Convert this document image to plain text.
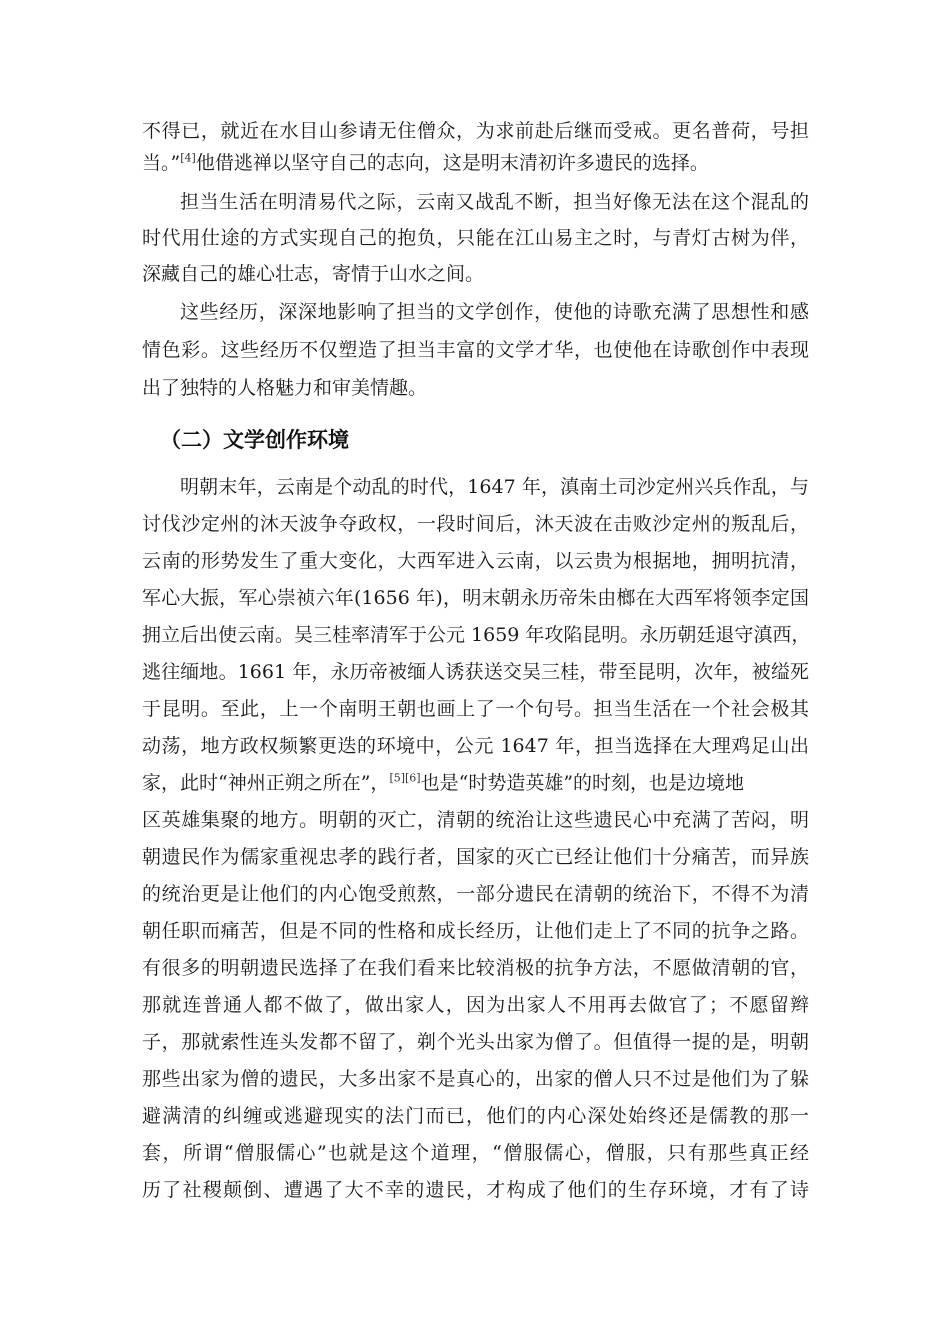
不得已，就近在水目山参请无住僧众，为求前赴后继而受戒。更名普荷，号担
当。”[4]他借逃禅以坚守自己的志向，这是明末清初许多遗民的选择。
担当生活在明清易代之际，云南又战乱不断，担当好像无法在这个混乱的
时代用仕途的方式实现自己的抱负，只能在江山易主之时，与青灯古树为伴，
深藏自己的雄心壮志，寄情于山水之间。
这些经历，深深地影响了担当的文学创作，使他的诗歌充满了思想性和感
情色彩。这些经历不仅塑造了担当丰富的文学才华，也使他在诗歌创作中表现
出了独特的人格魅力和审美情趣。
（二）文学创作环境
明朝末年，云南是个动乱的时代，1647 年，滇南土司沙定州兴兵作乱，与
讨伐沙定州的沐天波争夺政权，一段时间后，沐天波在击败沙定州的叛乱后，
云南的形势发生了重大变化，大西军进入云南，以云贵为根据地，拥明抗清，
军心大振，军心崇祯六年(1656 年)，明末朝永历帝朱由榔在大西军将领李定国
拥立后出使云南。吴三桂率清军于公元 1659 年攻陷昆明。永历朝廷退守滇西，
逃往缅地。1661 年，永历帝被缅人诱获送交吴三桂，带至昆明，次年，被缢死
于昆明。至此，上一个南明王朝也画上了一个句号。担当生活在一个社会极其
动荡，地方政权频繁更迭的环境中，公元 1647 年，担当选择在大理鸡足山出
家，此时“神州正朔之所在”，[5][6]也是“时势造英雄”的时刻，也是边境地
区英雄集聚的地方。明朝的灭亡，清朝的统治让这些遗民心中充满了苦闷，明
朝遗民作为儒家重视忠孝的践行者，国家的灭亡已经让他们十分痛苦，而异族
的统治更是让他们的内心饱受煎熬，一部分遗民在清朝的统治下，不得不为清
朝任职而痛苦，但是不同的性格和成长经历，让他们走上了不同的抗争之路。
有很多的明朝遗民选择了在我们看来比较消极的抗争方法，不愿做清朝的官，
那就连普通人都不做了，做出家人，因为出家人不用再去做官了；不愿留辫
子，那就索性连头发都不留了，剃个光头出家为僧了。但值得一提的是，明朝
那些出家为僧的遗民，大多出家不是真心的，出家的僧人只不过是他们为了躲
避满清的纠缠或逃避现实的法门而已，他们的内心深处始终还是儒教的那一
套，所谓“僧服儒心”也就是这个道理，“僧服儒心，僧服，只有那些真正经
历了社稷颠倒、遭遇了大不幸的遗民，才构成了他们的生存环境，才有了诗
